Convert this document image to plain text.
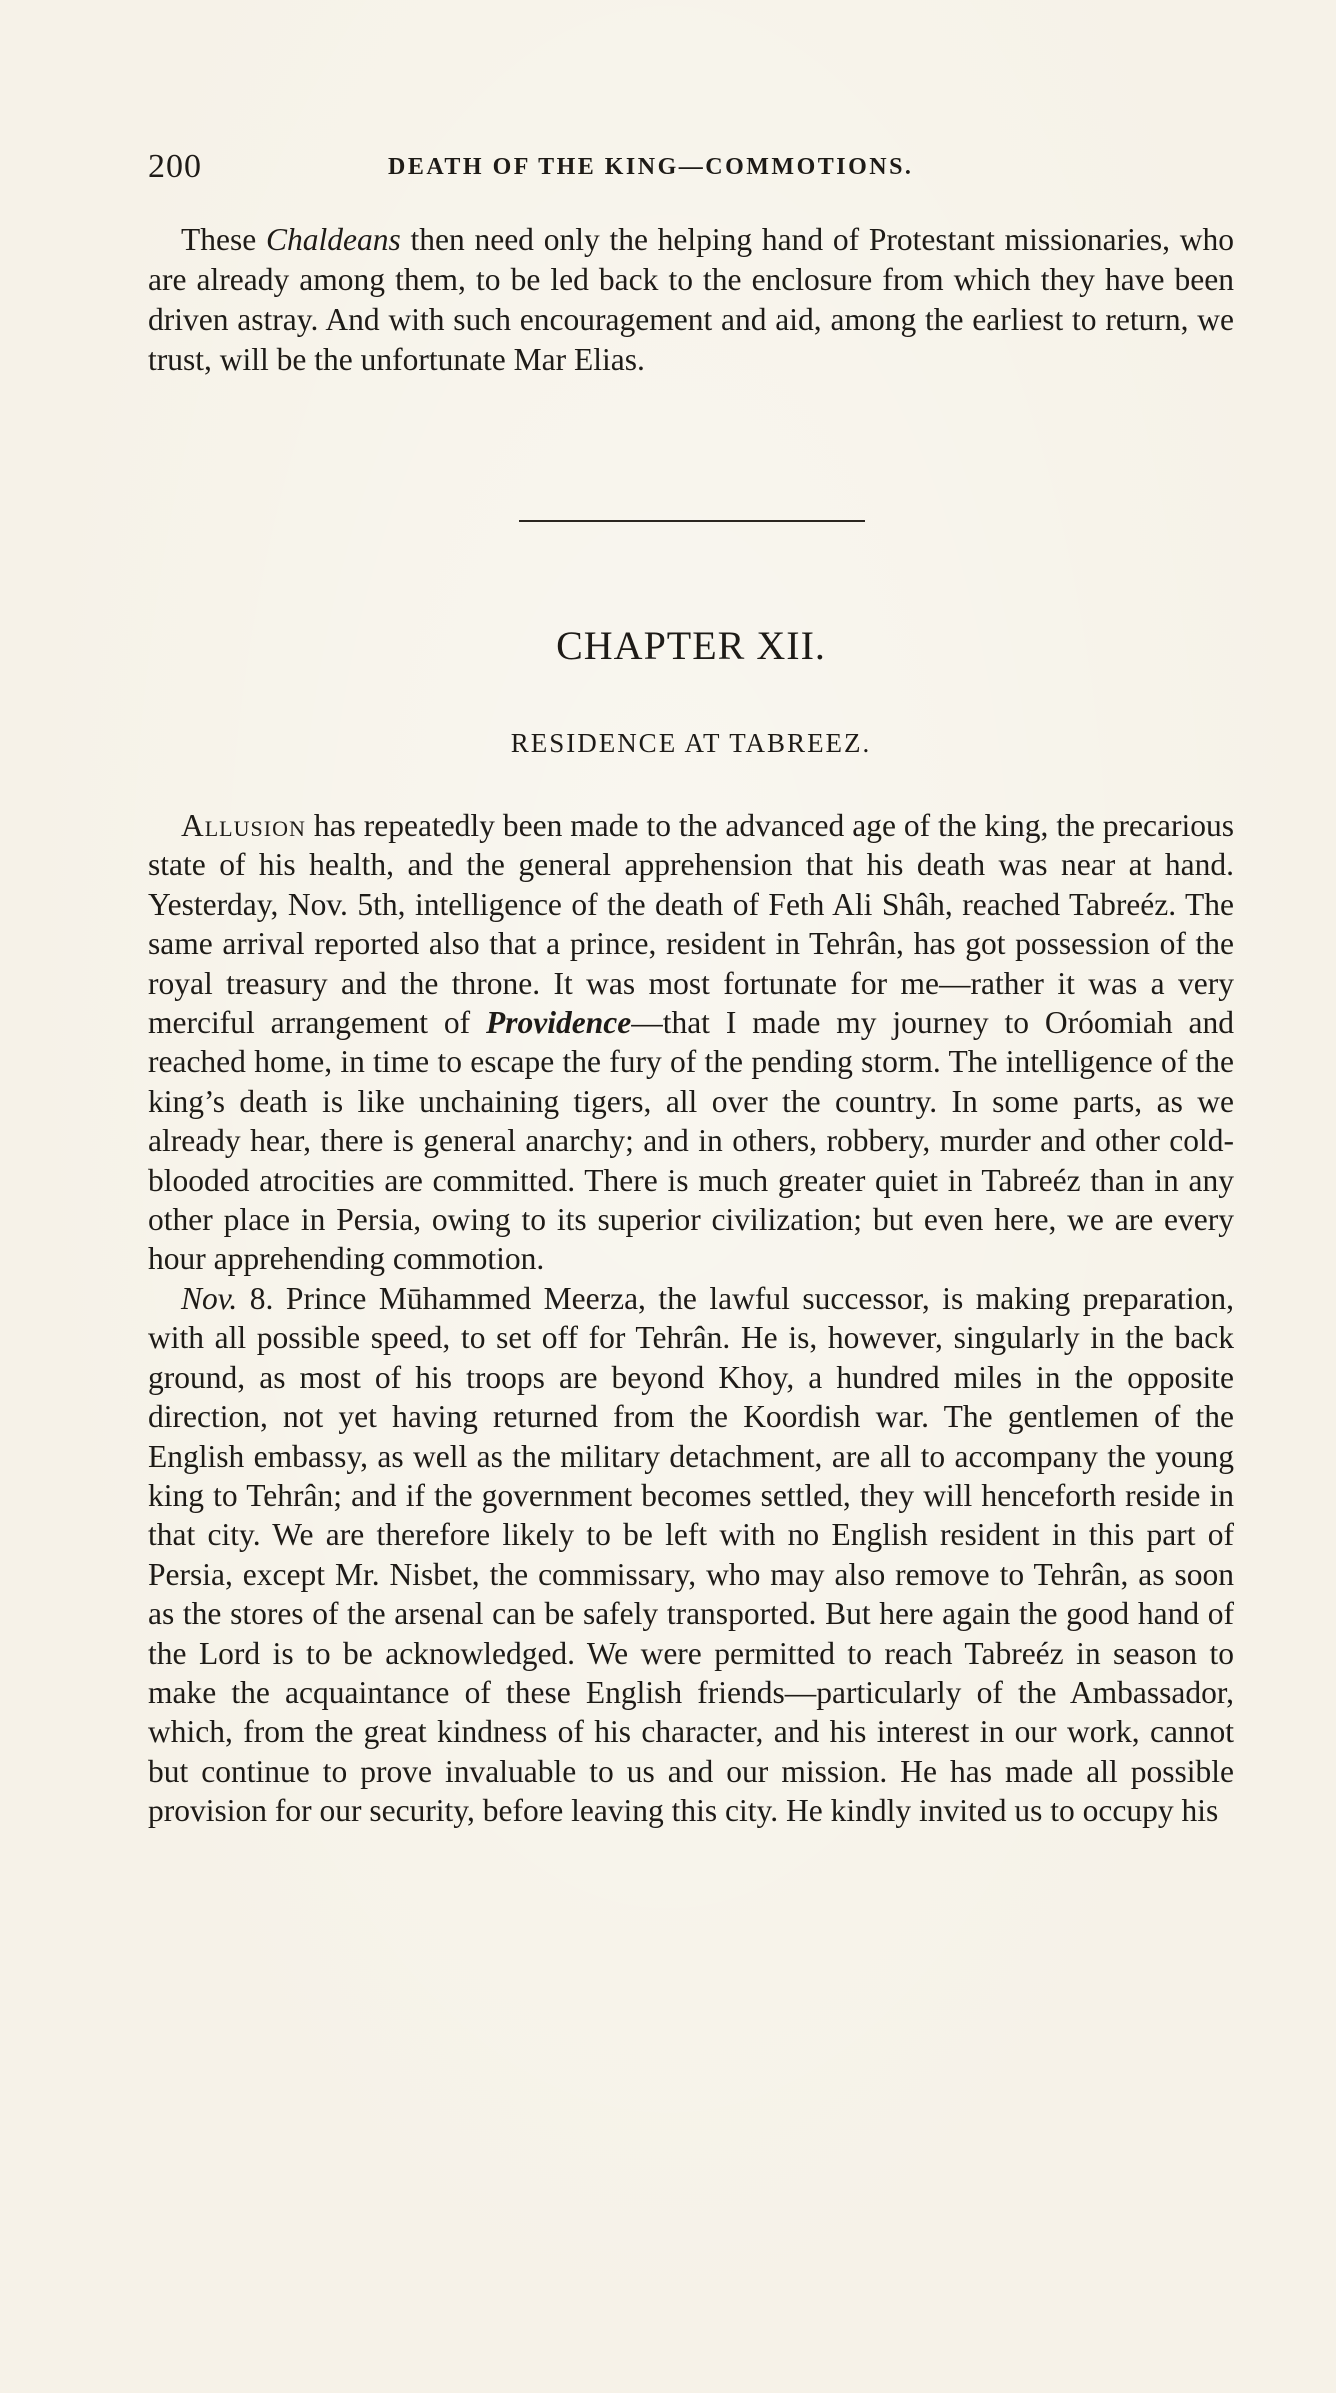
200	DEATH OF THE KING—COMMOTIONS.

These Chaldeans then need only the helping hand of Protestant missionaries, who are already among them, to be led back to the enclosure from which they have been driven astray. And with such encouragement and aid, among the earliest to return, we trust, will be the unfortunate Mar Elias.

CHAPTER XII.
RESIDENCE AT TABREEZ.

Allusion has repeatedly been made to the advanced age of the king, the precarious state of his health, and the general apprehension that his death was near at hand. Yesterday, Nov. 5th, intelligence of the death of Feth Ali Shâh, reached Tabreéz. The same arrival reported also that a prince, resident in Tehrân, has got possession of the royal treasury and the throne. It was most fortunate for me—rather it was a very merciful arrangement of Providence—that I made my journey to Oróomiah and reached home, in time to escape the fury of the pending storm. The intelligence of the king’s death is like unchaining tigers, all over the country. In some parts, as we already hear, there is general anarchy; and in others, robbery, murder and other cold-blooded atrocities are committed. There is much greater quiet in Tabreéz than in any other place in Persia, owing to its superior civilization; but even here, we are every hour apprehending commotion.

Nov. 8. Prince Mūhammed Meerza, the lawful successor, is making preparation, with all possible speed, to set off for Tehrân. He is, however, singularly in the back ground, as most of his troops are beyond Khoy, a hundred miles in the opposite direction, not yet having returned from the Koordish war. The gentlemen of the English embassy, as well as the military detachment, are all to accompany the young king to Tehrân; and if the government becomes settled, they will henceforth reside in that city. We are therefore likely to be left with no English resident in this part of Persia, except Mr. Nisbet, the commissary, who may also remove to Tehrân, as soon as the stores of the arsenal can be safely transported. But here again the good hand of the Lord is to be acknowledged. We were permitted to reach Tabreéz in season to make the acquaintance of these English friends—particularly of the Ambassador, which, from the great kindness of his character, and his interest in our work, cannot but continue to prove invaluable to us and our mission. He has made all possible provision for our security, before leaving this city. He kindly invited us to occupy his
